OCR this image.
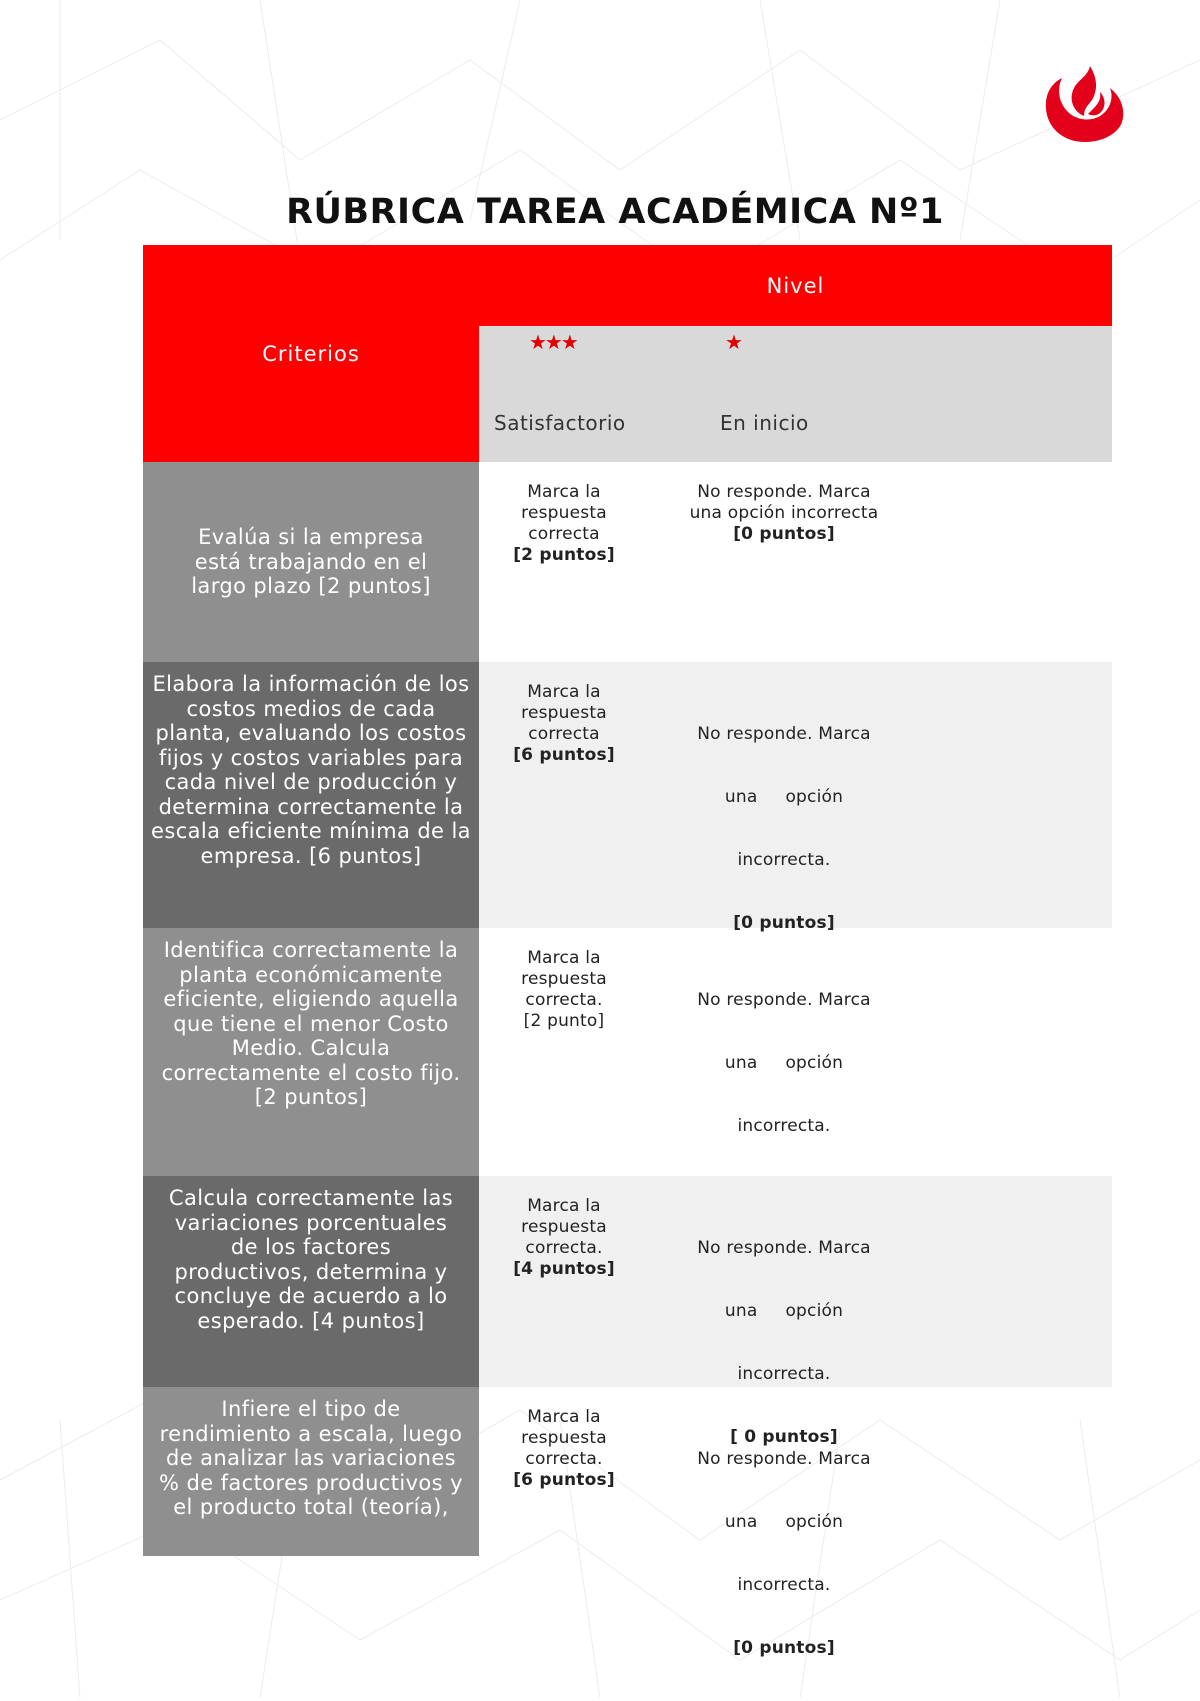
RÚBRICA TAREA ACADÉMICA Nº1
Criterios
Nivel
★★★	★
Satisfactorio	En inicio
Evalúa si la empresa está trabajando en el largo plazo [2 puntos]
Marca la
respuesta
correcta
[2 puntos]
No responde. Marca
una opción incorrecta
[0 puntos]
Elabora la información de los costos medios de cada planta, evaluando los costos fijos y costos variables para cada nivel de producción y determina correctamente la escala eficiente mínima de la empresa. [6 puntos]
Marca la
respuesta
correcta
[6 puntos]

No responde. Marca

una     opción

incorrecta.

[0 puntos]

Identifica correctamente la planta económicamente eficiente, eligiendo aquella que tiene el menor Costo Medio. Calcula correctamente el costo fijo. [2 puntos]
Marca la
respuesta
correcta.
[2 punto]

No responde. Marca

una     opción

incorrecta.

Calcula correctamente las variaciones porcentuales de los factores productivos, determina y concluye de acuerdo a lo esperado. [4 puntos]
Marca la
respuesta
correcta.
[4 puntos]

No responde. Marca

una     opción

incorrecta.

[ 0 puntos]

Infiere el tipo de rendimiento a escala, luego de analizar las variaciones % de factores productivos y el producto total (teoría),
Marca la
respuesta
correcta.
[6 puntos]

No responde. Marca

una     opción

incorrecta.

[0 puntos]
